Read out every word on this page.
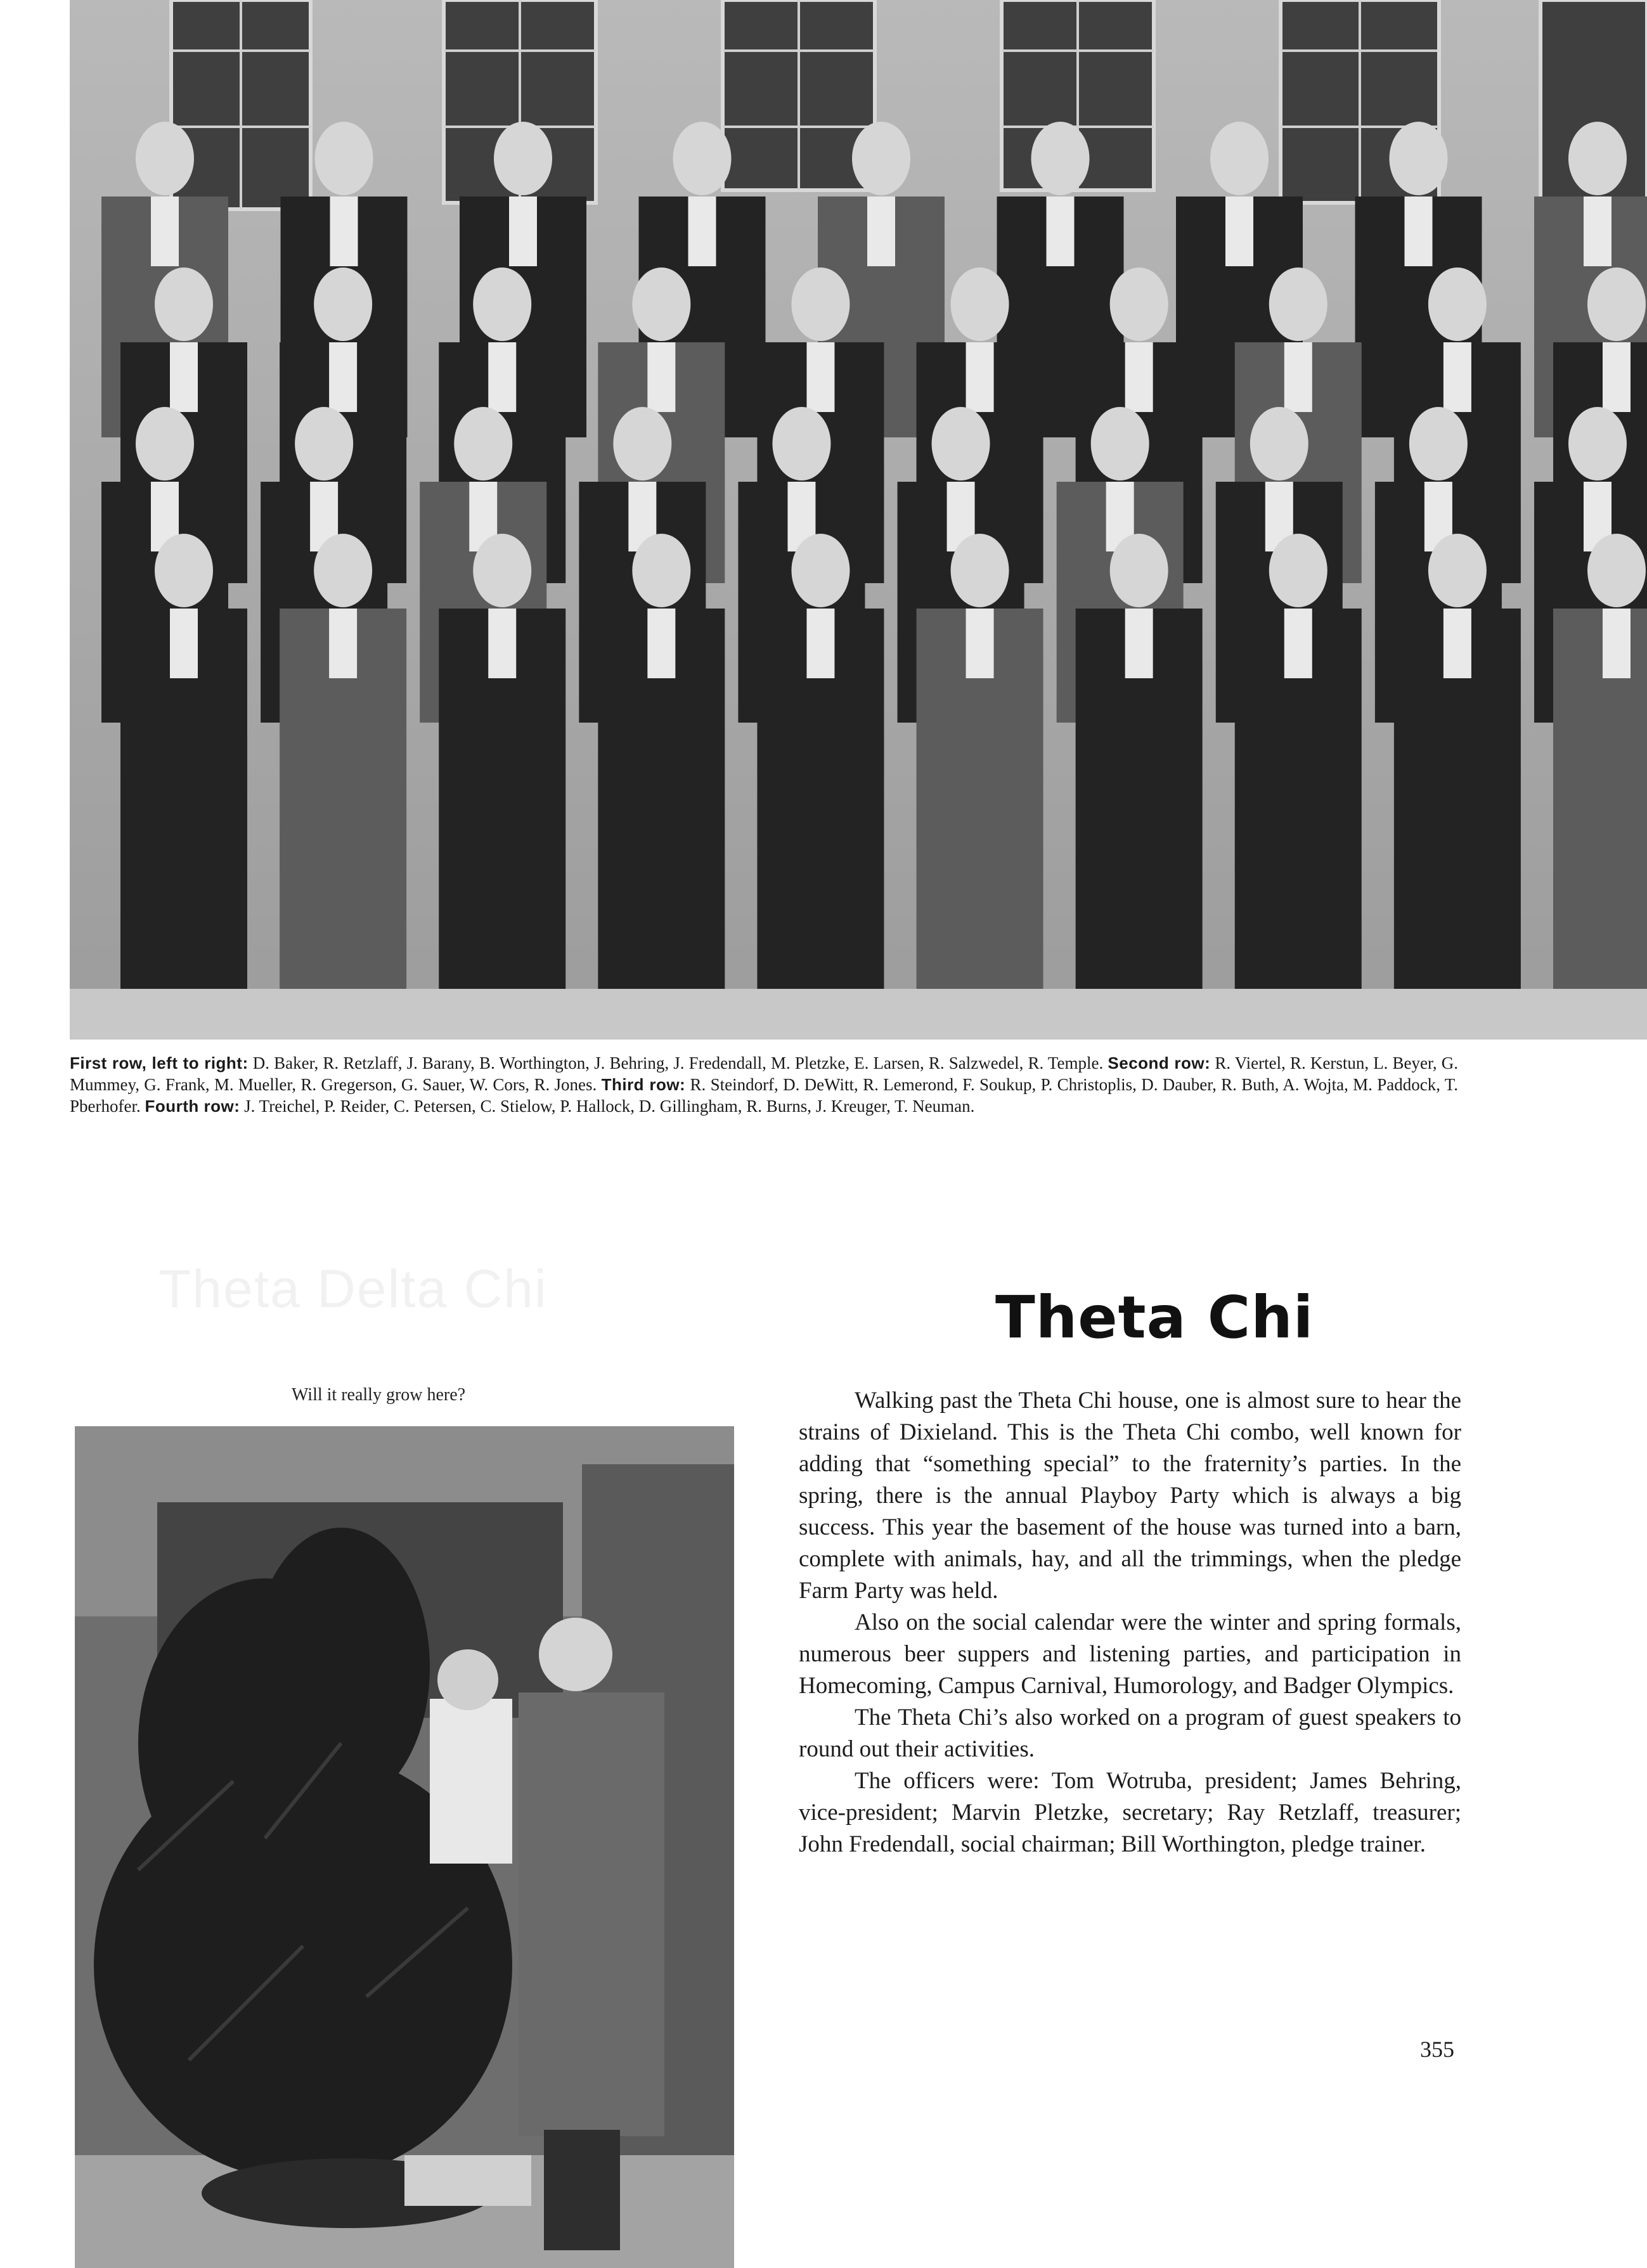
First row, left to right: D. Baker, R. Retzlaff, J. Barany, B. Worthington, J. Behring, J. Fredendall, M. Pletzke, E. Larsen, R. Salzwedel, R. Temple. Second row: R. Viertel, R. Kerstun, L. Beyer, G. Mummey, G. Frank, M. Mueller, R. Gregerson, G. Sauer, W. Cors, R. Jones. Third row: R. Steindorf, D. DeWitt, R. Lemerond, F. Soukup, P. Christoplis, D. Dauber, R. Buth, A. Wojta, M. Paddock, T. Pberhofer. Fourth row: J. Treichel, P. Reider, C. Petersen, C. Stielow, P. Hallock, D. Gillingham, R. Burns, J. Kreuger, T. Neuman.
Theta Delta Chi
Will it really grow here?
Theta Chi

Walking past the Theta Chi house, one is almost sure to hear the strains of Dixieland. This is the Theta Chi combo, well known for adding that “something special” to the fraternity’s parties. In the spring, there is the annual Playboy Party which is always a big success. This year the basement of the house was turned into a barn, complete with animals, hay, and all the trimmings, when the pledge Farm Party was held.

Also on the social calendar were the winter and spring formals, numerous beer suppers and listening parties, and participation in Homecoming, Campus Carnival, Humorology, and Badger Olympics.

The Theta Chi’s also worked on a program of guest speakers to round out their activities.

The officers were: Tom Wotruba, president; James Behring, vice-president; Marvin Pletzke, secretary; Ray Retzlaff, treasurer; John Fredendall, social chairman; Bill Worthington, pledge trainer.

355
